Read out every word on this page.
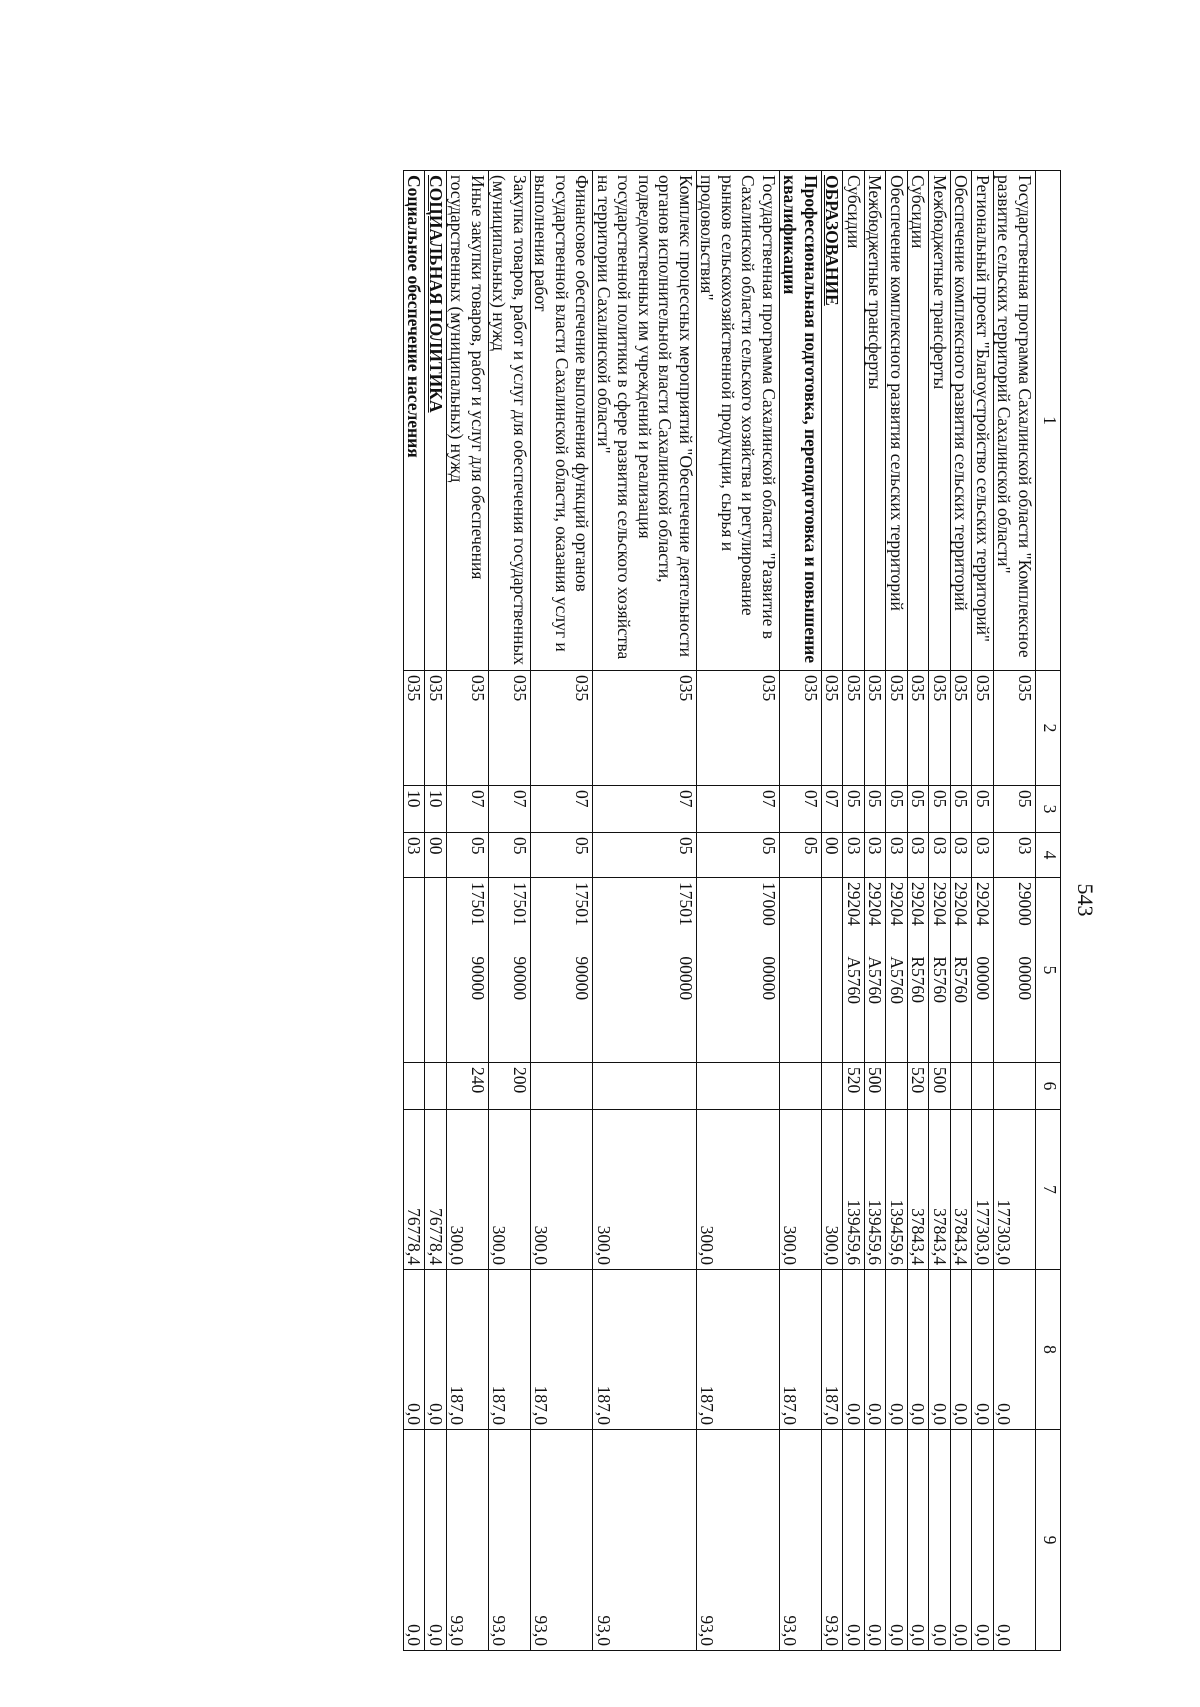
543
1	2	3	4	5	6	7	8	9
Государственная программа Сахалинской области "Комплексное развитие сельских территорий Сахалинской области"	035	05	03	29000 00000		177303,0	0,0	0,0
Региональный проект "Благоустройство сельских территорий"	035	05	03	29204 00000		177303,0	0,0	0,0
Обеспечение комплексного развития сельских территорий	035	05	03	29204 R5760		37843,4	0,0	0,0
Межбюджетные трансферты	035	05	03	29204 R5760	500	37843,4	0,0	0,0
Субсидии	035	05	03	29204 R5760	520	37843,4	0,0	0,0
Обеспечение комплексного развития сельских территорий	035	05	03	29204 А5760		139459,6	0,0	0,0
Межбюджетные трансферты	035	05	03	29204 А5760	500	139459,6	0,0	0,0
Субсидии	035	05	03	29204 А5760	520	139459,6	0,0	0,0
ОБРАЗОВАНИЕ	035	07	00			300,0	187,0	93,0
Профессиональная подготовка, переподготовка и повышение квалификации	035	07	05			300,0	187,0	93,0
Государственная программа Сахалинской области "Развитие в Сахалинской области сельского хозяйства и регулирование рынков сельскохозяйственной продукции, сырья и продовольствия"	035	07	05	17000 00000		300,0	187,0	93,0
Комплекс процессных мероприятий "Обеспечение деятельности органов исполнительной власти Сахалинской области, подведомственных им учреждений и реализация государственной политики в сфере развития сельского хозяйства на территории Сахалинской области"	035	07	05	17501 00000		300,0	187,0	93,0
Финансовое обеспечение выполнения функций органов государственной власти Сахалинской области, оказания услуг и выполнения работ	035	07	05	17501 90000		300,0	187,0	93,0
Закупка товаров, работ и услуг для обеспечения государственных (муниципальных) нужд	035	07	05	17501 90000	200	300,0	187,0	93,0
Иные закупки товаров, работ и услуг для обеспечения государственных (муниципальных) нужд	035	07	05	17501 90000	240	300,0	187,0	93,0
СОЦИАЛЬНАЯ ПОЛИТИКА	035	10	00			76778,4	0,0	0,0
Социальное обеспечение населения	035	10	03			76778,4	0,0	0,0
